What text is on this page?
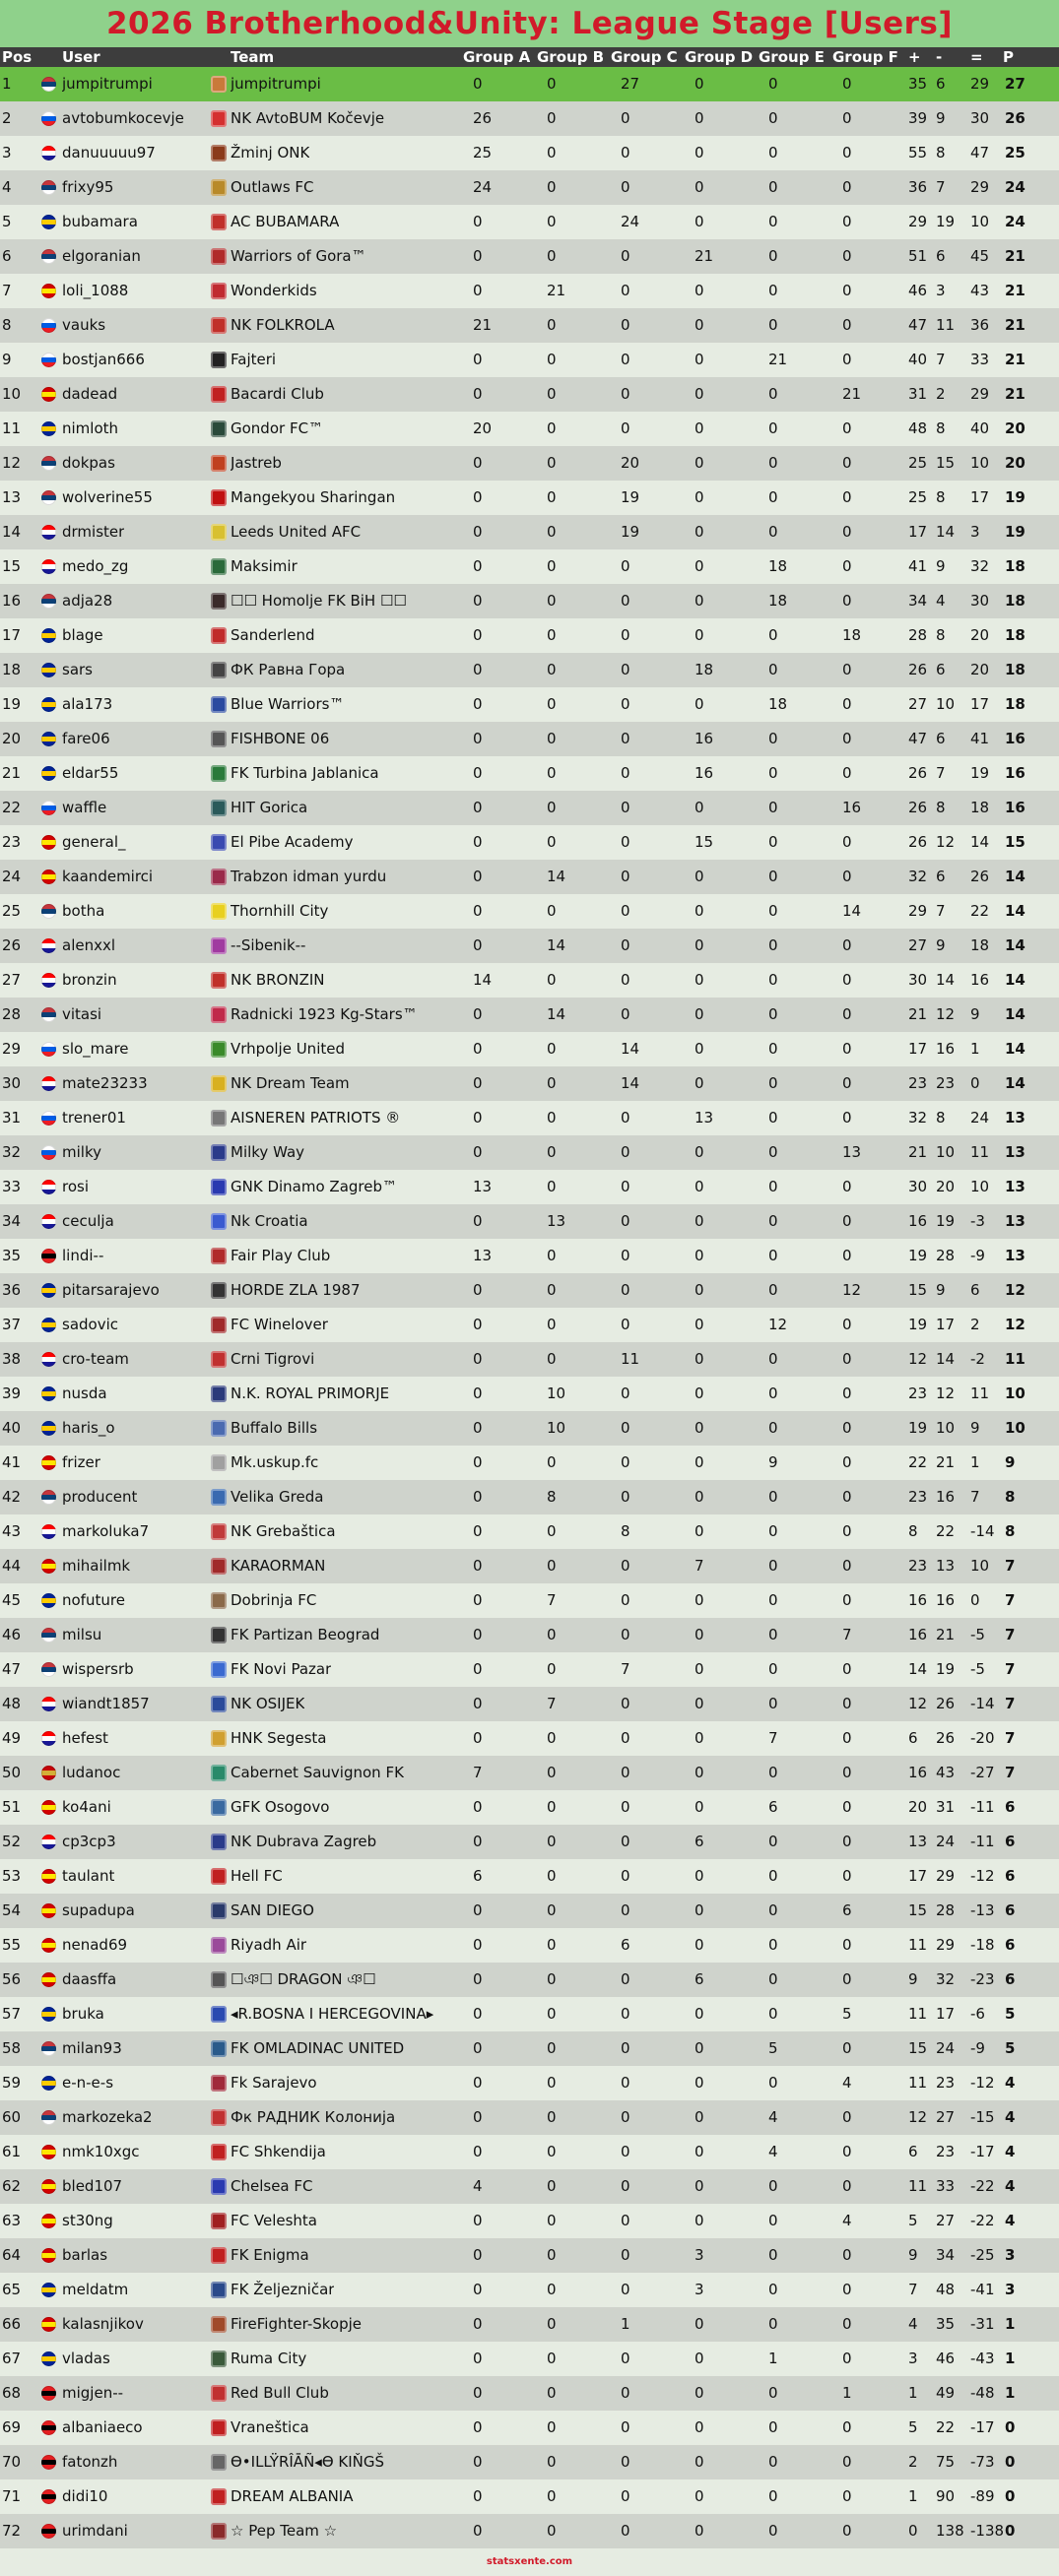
2026 Brotherhood&Unity: League Stage [Users]
Pos User	Team	Group A Group B Group C Group D Group E Group F + - = P
1	jumpitrumpi	jumpitrumpi	0	0	27	0	0	0	35 6 29 27
2	avtobumkocevje	NK AvtoBUM Kočevje	26	0	0	0	0	0	39 9 30 26
3	danuuuuu97	Žminj ONK	25	0	0	0	0	0	55 8 47 25
4	frixy95	Outlaws FC	24	0	0	0	0	0	36 7 29 24
5	bubamara	AC BUBAMARA	0	0	24	0	0	0	29 19 10 24
6	elgoranian	Warriors of Gora™	0	0	0	21	0	0	51 6 45 21
7	loli_1088	Wonderkids	0	21	0	0	0	0	46 3 43 21
8	vauks	NK FOLKROLA	21	0	0	0	0	0	47 11 36 21
9	bostjan666	Fajteri	0	0	0	0	21	0	40 7 33 21
10	dadead	Bacardi Club	0	0	0	0	0	21	31 2 29 21
11	nimloth	Gondor FC™	20	0	0	0	0	0	48 8 40 20
12	dokpas	Jastreb	0	0	20	0	0	0	25 15 10 20
13	wolverine55	Mangekyou Sharingan	0	0	19	0	0	0	25 8 17 19
14	drmister	Leeds United AFC	0	0	19	0	0	0	17 14 3 19
15	medo_zg	Maksimir	0	0	0	0	18	0	41 9 32 18
16	adja28	☐☐ Homolje FK BiH ☐☐	0	0	0	0	18	0	34 4 30 18
17	blage	Sanderlend	0	0	0	0	0	18	28 8 20 18
18	sars	ФК Равна Гора	0	0	0	18	0	0	26 6 20 18
19	ala173	Blue Warriors™	0	0	0	0	18	0	27 10 17 18
20	fare06	FISHBONE 06	0	0	0	16	0	0	47 6 41 16
21	eldar55	FK Turbina Jablanica	0	0	0	16	0	0	26 7 19 16
22	waffle	HIT Gorica	0	0	0	0	0	16	26 8 18 16
23	general_	El Pibe Academy	0	0	0	15	0	0	26 12 14 15
24	kaandemirci	Trabzon idman yurdu	0	14	0	0	0	0	32 6 26 14
25	botha	Thornhill City	0	0	0	0	0	14	29 7 22 14
26	alenxxl	--Sibenik--	0	14	0	0	0	0	27 9 18 14
27	bronzin	NK BRONZIN	14	0	0	0	0	0	30 14 16 14
28	vitasi	Radnicki 1923 Kg-Stars™	0	14	0	0	0	0	21 12 9 14
29	slo_mare	Vrhpolje United	0	0	14	0	0	0	17 16 1 14
30	mate23233	NK Dream Team	0	0	14	0	0	0	23 23 0 14
31	trener01	AISNEREN PATRIOTS ®	0	0	0	13	0	0	32 8 24 13
32	milky	Milky Way	0	0	0	0	0	13	21 10 11 13
33	rosi	GNK Dinamo Zagreb™	13	0	0	0	0	0	30 20 10 13
34	ceculja	Nk Croatia	0	13	0	0	0	0	16 19 -3 13
35	lindi--	Fair Play Club	13	0	0	0	0	0	19 28 -9 13
36	pitarsarajevo	HORDE ZLA 1987	0	0	0	0	0	12	15 9 6 12
37	sadovic	FC Winelover	0	0	0	0	12	0	19 17 2 12
38	cro-team	Crni Tigrovi	0	0	11	0	0	0	12 14 -2 11
39	nusda	N.K. ROYAL PRIMORJE	0	10	0	0	0	0	23 12 11 10
40	haris_o	Buffalo Bills	0	10	0	0	0	0	19 10 9 10
41	frizer	Mk.uskup.fc	0	0	0	0	9	0	22 21 1 9
42	producent	Velika Greda	0	8	0	0	0	0	23 16 7 8
43	markoluka7	NK Grebaštica	0	0	8	0	0	0	8 22 -14 8
44	mihailmk	KARAORMAN	0	0	0	7	0	0	23 13 10 7
45	nofuture	Dobrinja FC	0	7	0	0	0	0	16 16 0 7
46	milsu	FK Partizan Beograd	0	0	0	0	0	7	16 21 -5 7
47	wispersrb	FK Novi Pazar	0	0	7	0	0	0	14 19 -5 7
48	wiandt1857	NK OSIJEK	0	7	0	0	0	0	12 26 -14 7
49	hefest	HNK Segesta	0	0	0	0	7	0	6 26 -20 7
50	ludanoc	Cabernet Sauvignon FK	7	0	0	0	0	0	16 43 -27 7
51	ko4ani	GFK Osogovo	0	0	0	0	6	0	20 31 -11 6
52	cp3cp3	NK Dubrava Zagreb	0	0	0	6	0	0	13 24 -11 6
53	taulant	Hell FC	6	0	0	0	0	0	17 29 -12 6
54	supadupa	SAN DIEGO	0	0	0	0	0	6	15 28 -13 6
55	nenad69	Riyadh Air	0	0	6	0	0	0	11 29 -18 6
56	daasffa	☐ঞ☐ DRAGON ঞ☐	0	0	0	6	0	0	9 32 -23 6
57	bruka	◂R.BOSNA I HERCEGOVINA▸	0	0	0	0	0	5	11 17 -6 5
58	milan93	FK OMLADINAC UNITED	0	0	0	0	5	0	15 24 -9 5
59	e-n-e-s	Fk Sarajevo	0	0	0	0	0	4	11 23 -12 4
60	markozeka2	Фк РАДНИК Колониjа	0	0	0	0	4	0	12 27 -15 4
61	nmk10xgc	FC Shkendija	0	0	0	0	4	0	6 23 -17 4
62	bled107	Chelsea FC	4	0	0	0	0	0	11 33 -22 4
63	st30ng	FC Veleshta	0	0	0	0	0	4	5 27 -22 4
64	barlas	FK Enigma	0	0	0	3	0	0	9 34 -25 3
65	meldatm	FK Željezničar	0	0	0	3	0	0	7 48 -41 3
66	kalasnjikov	FireFighter-Skopje	0	0	1	0	0	0	4 35 -31 1
67	vladas	Ruma City	0	0	0	0	1	0	3 46 -43 1
68	migjen--	Red Bull Club	0	0	0	0	0	1	1 49 -48 1
69	albaniaeco	Vraneštica	0	0	0	0	0	0	5 22 -17 0
70	fatonzh	ϴ•ILLŸRÎĀÑ◂ϴ KIŇGŠ	0	0	0	0	0	0	2 75 -73 0
71	didi10	DREAM ALBANIA	0	0	0	0	0	0	1 90 -89 0
72	urimdani	☆ Pep Team ☆	0	0	0	0	0	0	0 138 -138 0
statsxente.com
